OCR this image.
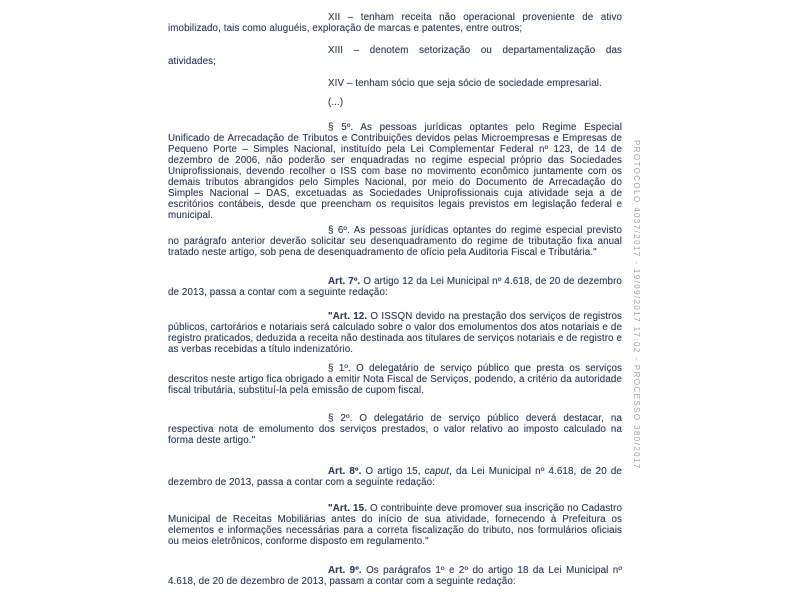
XII – tenham receita não operacional proveniente de ativo imobilizado, tais como aluguéis, exploração de marcas e patentes, entre outros;

XIII – denotem setorização ou departamentalização das atividades;

XIV – tenham sócio que seja sócio de sociedade empresarial.

(...)

§ 5º. As pessoas jurídicas optantes pelo Regime Especial Unificado de Arrecadação de Tributos e Contribuições devidos pelas Microempresas e Empresas de Pequeno Porte – Simples Nacional, instituído pela Lei Complementar Federal nº 123, de 14 de dezembro de 2006, não poderão ser enquadradas no regime especial próprio das Sociedades Uniprofissionais, devendo recolher o ISS com base no movimento econômico juntamente com os demais tributos abrangidos pelo Simples Nacional, por meio do Documento de Arrecadação do Simples Nacional – DAS, excetuadas as Sociedades Uniprofissionais cuja atividade seja a de escritórios contábeis, desde que preencham os requisitos legais previstos em legislação federal e municipal.

§ 6º. As pessoas jurídicas optantes do regime especial previsto no parágrafo anterior deverão solicitar seu desenquadramento do regime de tributação fixa anual tratado neste artigo, sob pena de desenquadramento de ofício pela Auditoria Fiscal e Tributária."

Art. 7º. O artigo 12 da Lei Municipal nº 4.618, de 20 de dezembro de 2013, passa a contar com a seguinte redação:

"Art. 12. O ISSQN devido na prestação dos serviços de registros públicos, cartorários e notariais será calculado sobre o valor dos emolumentos dos atos notariais e de registro praticados, deduzida a receita não destinada aos titulares de serviços notariais e de registro e as verbas recebidas a título indenizatório.

§ 1º. O delegatário de serviço público que presta os serviços descritos neste artigo fica obrigado a emitir Nota Fiscal de Serviços, podendo, a critério da autoridade fiscal tributária, substituí-la pela emissão de cupom fiscal.

§ 2º. O delegatário de serviço público deverá destacar, na respectiva nota de emolumento dos serviços prestados, o valor relativo ao imposto calculado na forma deste artigo."

Art. 8º. O artigo 15, caput, da Lei Municipal nº 4.618, de 20 de dezembro de 2013, passa a contar com a seguinte redação:

"Art. 15. O contribuinte deve promover sua inscrição no Cadastro Municipal de Receitas Mobiliárias antes do início de sua atividade, fornecendo à Prefeitura os elementos e informações necessárias para a correta fiscalização do tributo, nos formulários oficiais ou meios eletrônicos, conforme disposto em regulamento."

Art. 9º. Os parágrafos 1º e 2º do artigo 18 da Lei Municipal nº 4.618, de 20 de dezembro de 2013, passam a contar com a seguinte redação:

PROTOCOLO 4037/2017 - 19/09/2017 17:02 - PROCESSO 380/2017
